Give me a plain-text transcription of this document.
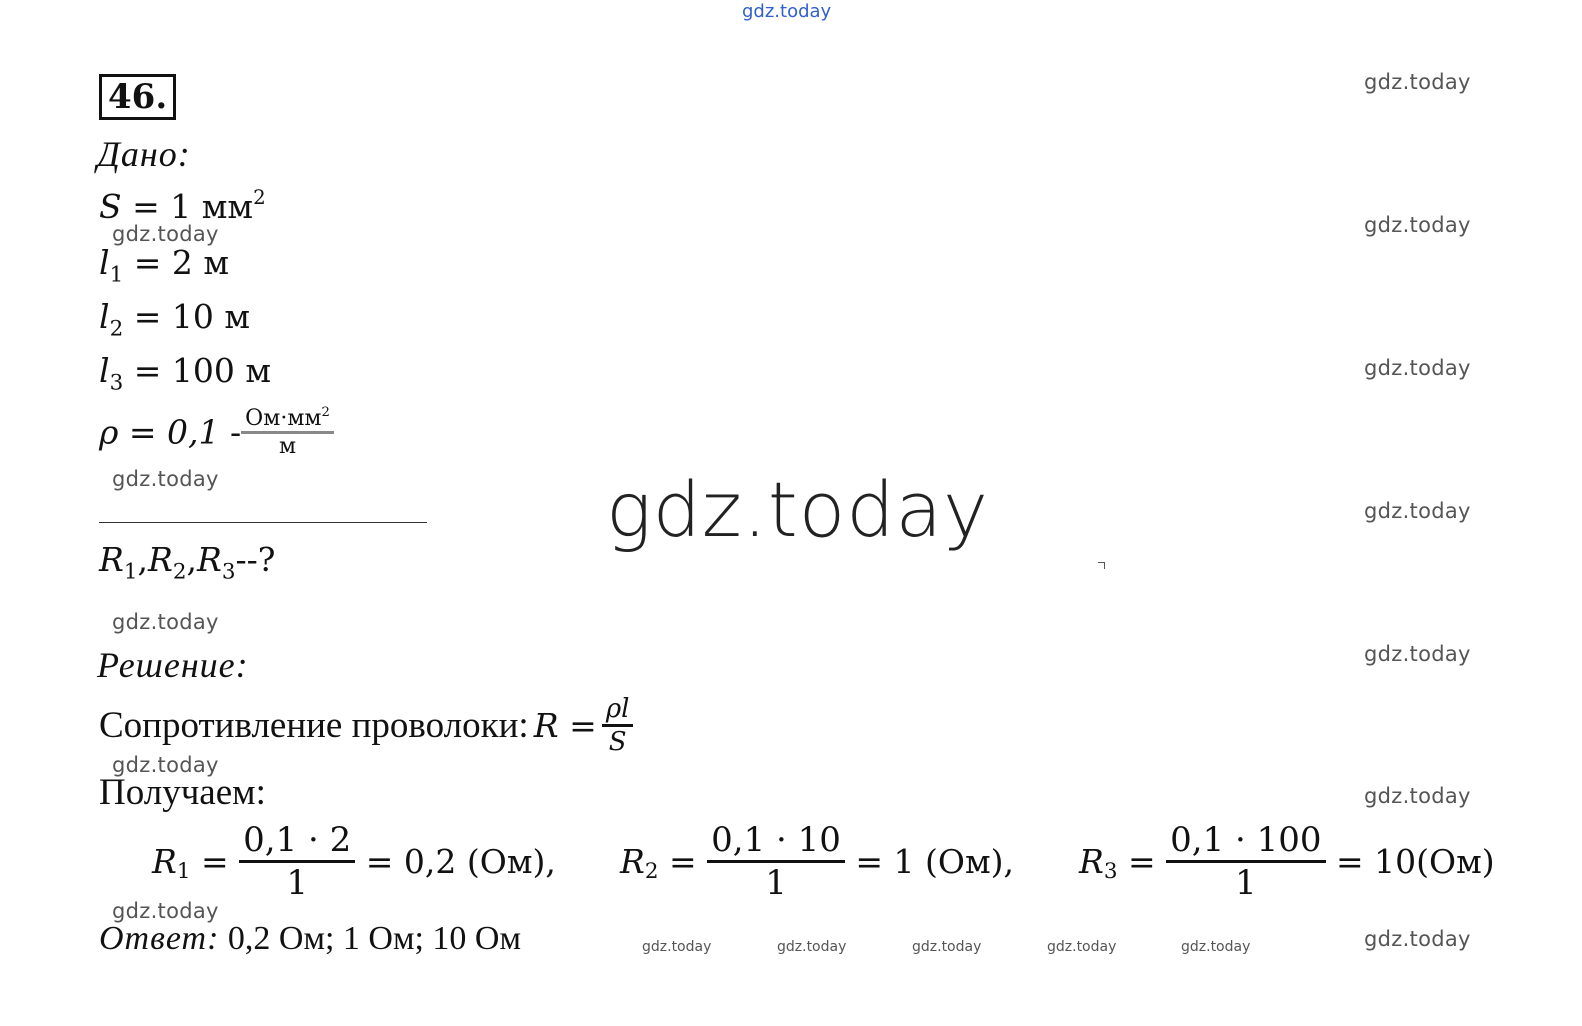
gdz.today
gdz.today
gdz.today
gdz.today
gdz.today
gdz.today
gdz.today
gdz.today
gdz.today
gdz.today
gdz.today
gdz.today
gdz.today
gdz.today
gdz.today	gdz.today	gdz.today	gdz.today	gdz.today
46.
Дано:
S = 1 $мм^2$
$l_1 = 2$ м
$l_2 = 10$ м
$l_3 = 100$ м
$\rho = 0,1 - \frac{Ом\cdot мм^2}{м}$
$R_1,R_2,R_3--$?
Решение:
Сопротивление проволоки: $R = \frac{\rho l}{S}$
Получаем:
$R_1 = \frac{0,1 \cdot 2}{1} = 0,2$ (Ом), $R_2 = \frac{0,1 \cdot 10}{1} = 1$ (Ом), $R_3 = \frac{0,1 \cdot 100}{1} = 10(Ом)$
Ответ: 0,2 Ом; 1 Ом; 10 Ом
